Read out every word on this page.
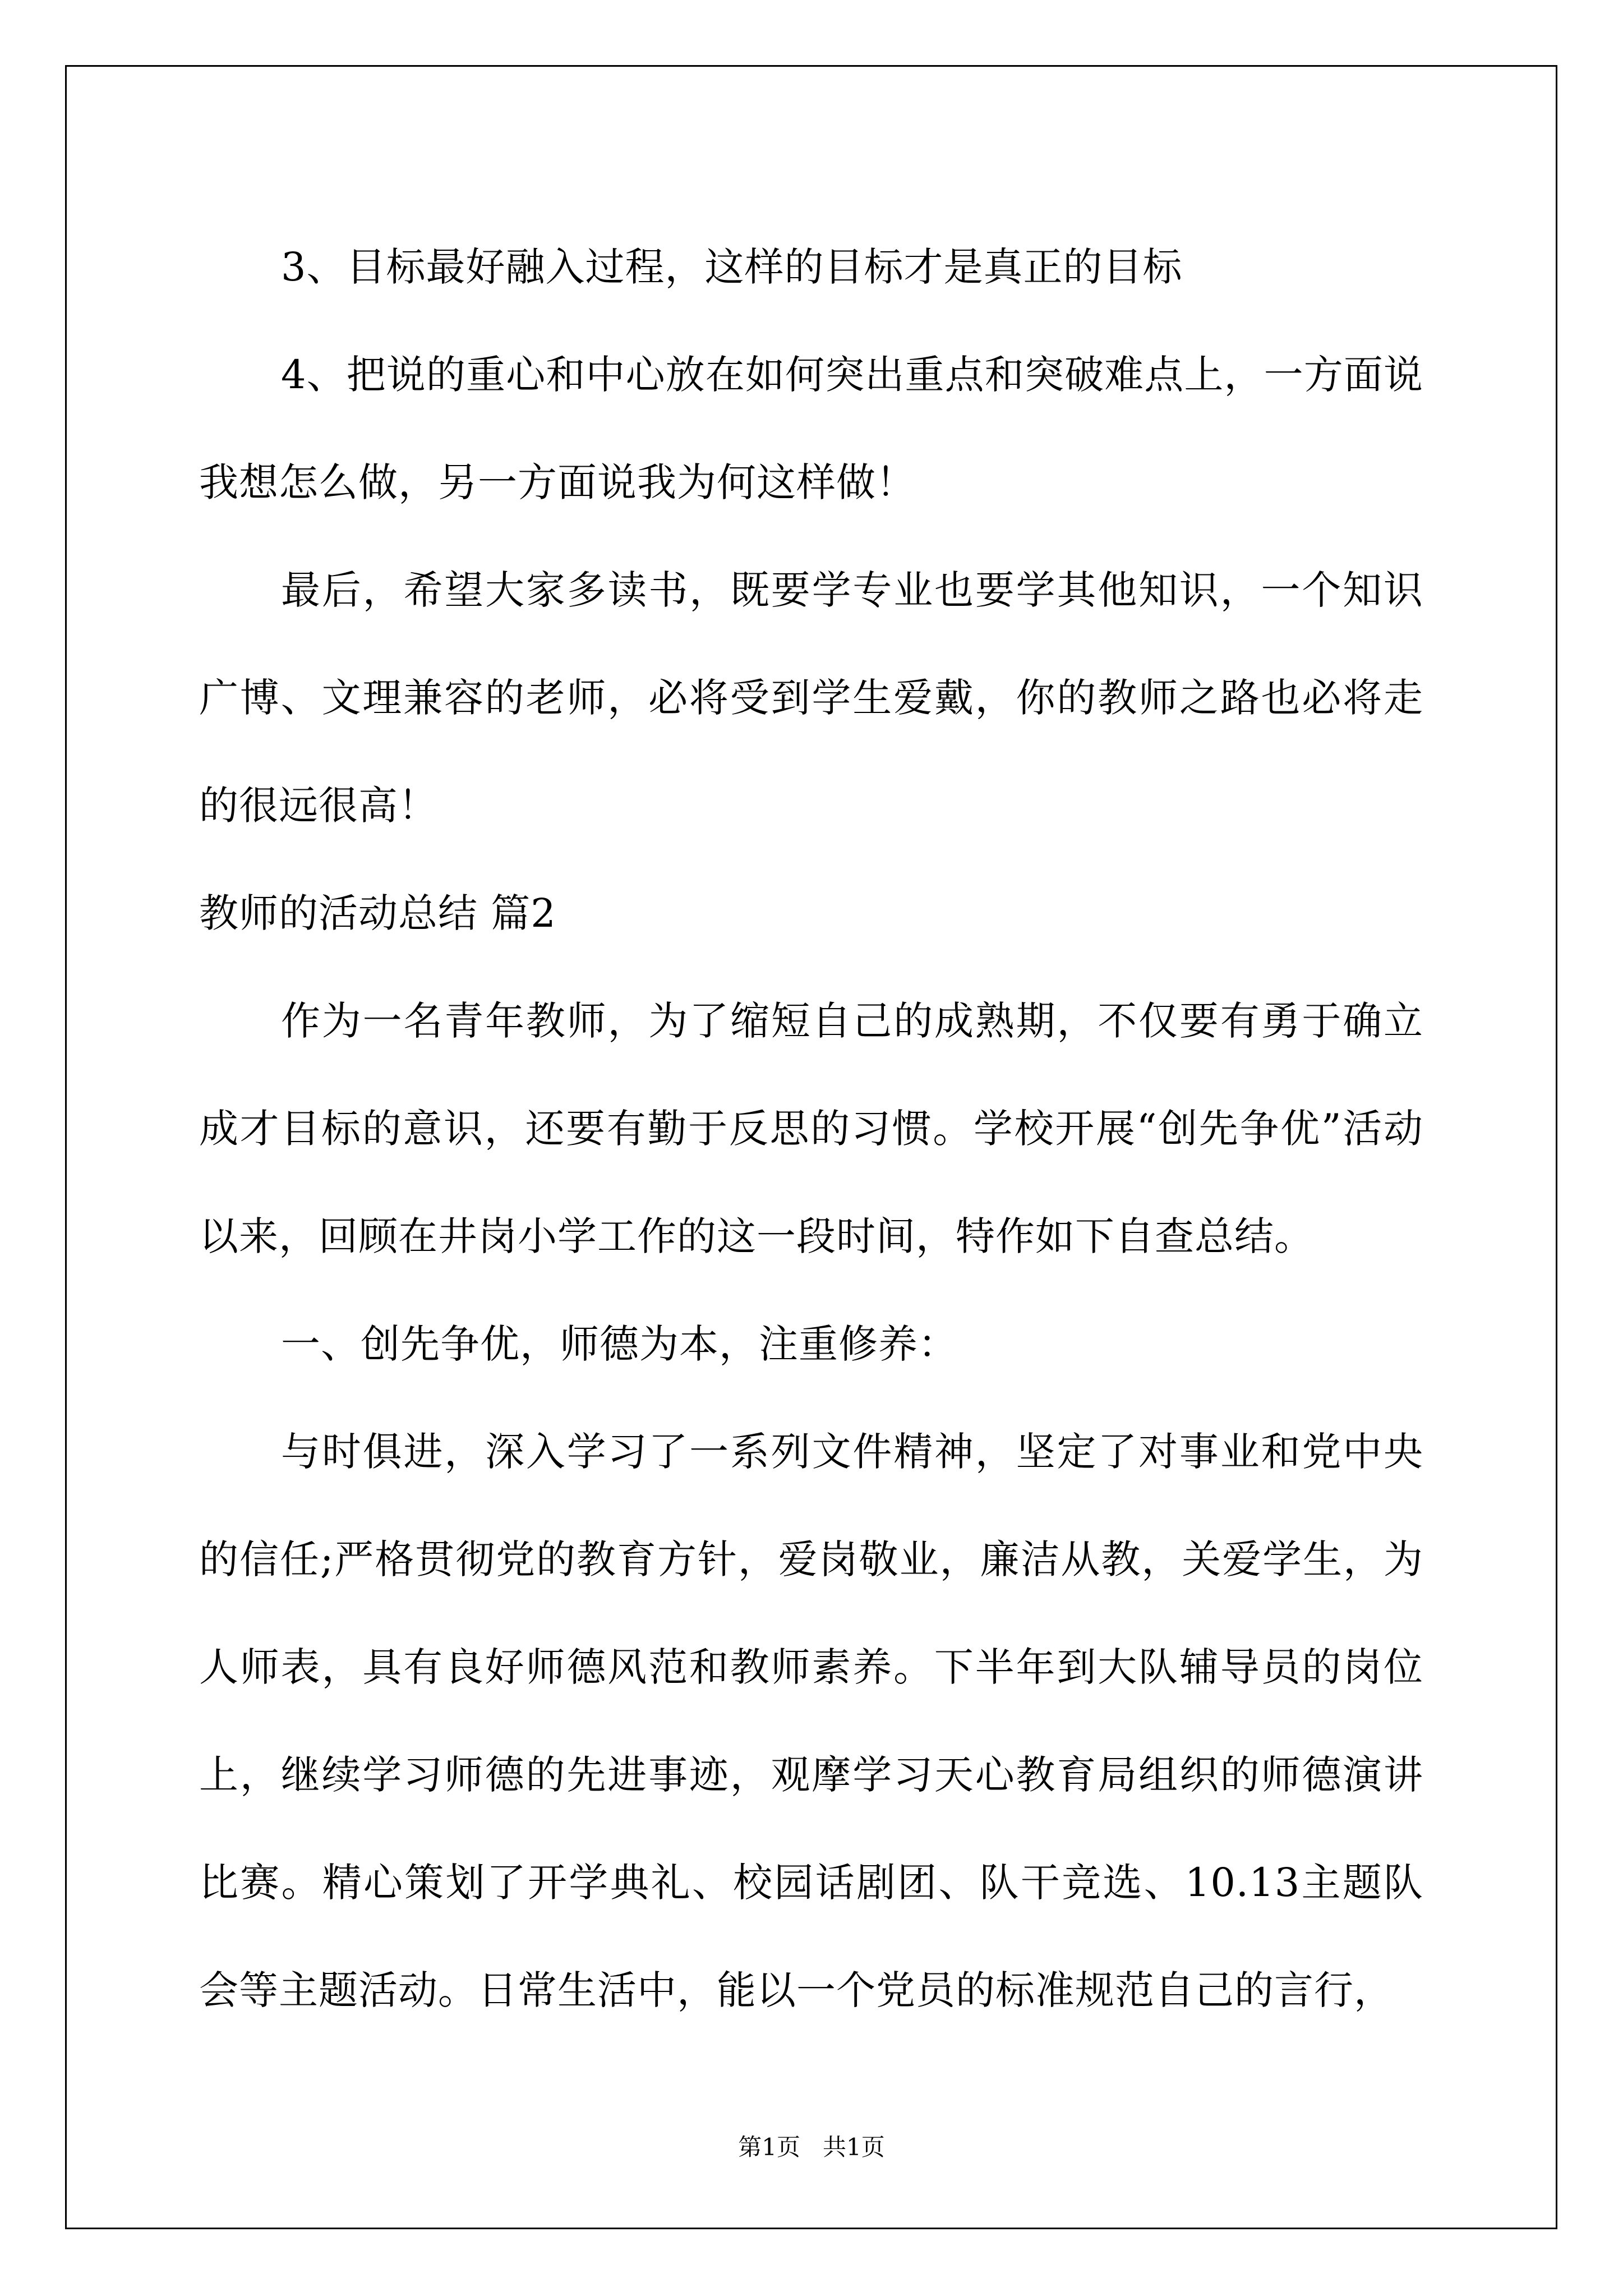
3、目标最好融入过程，这样的目标才是真正的目标

4、把说的重心和中心放在如何突出重点和突破难点上，一方面说我想怎么做，另一方面说我为何这样做！

最后，希望大家多读书，既要学专业也要学其他知识，一个知识广博、文理兼容的老师，必将受到学生爱戴，你的教师之路也必将走的很远很高！

教师的活动总结 篇2

作为一名青年教师，为了缩短自己的成熟期，不仅要有勇于确立成才目标的意识，还要有勤于反思的习惯。学校开展“创先争优”活动以来，回顾在井岗小学工作的这一段时间，特作如下自查总结。

一、创先争优，师德为本，注重修养：

与时俱进，深入学习了一系列文件精神，坚定了对事业和党中央的信任;严格贯彻党的教育方针，爱岗敬业，廉洁从教，关爱学生，为人师表，具有良好师德风范和教师素养。下半年到大队辅导员的岗位上，继续学习师德的先进事迹，观摩学习天心教育局组织的师德演讲比赛。精心策划了开学典礼、校园话剧团、队干竞选、10.13主题队会等主题活动。日常生活中，能以一个党员的标准规范自己的言行，

第1页   共1页
